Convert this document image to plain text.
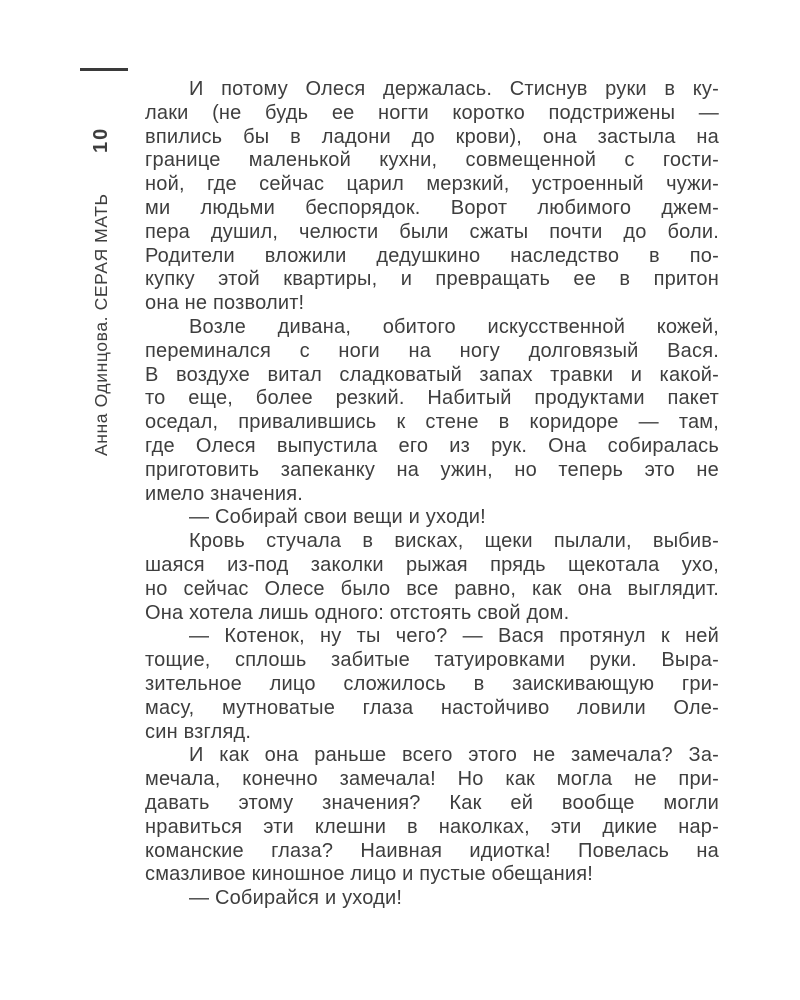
10
Анна Одинцова. СЕРАЯ МАТЬ
И потому Олеся держалась. Стиснув руки в ку-
лаки (не будь ее ногти коротко подстрижены —
впились бы в ладони до крови), она застыла на
границе маленькой кухни, совмещенной с гости-
ной, где сейчас царил мерзкий, устроенный чужи-
ми людьми беспорядок. Ворот любимого джем-
пера душил, челюсти были сжаты почти до боли.
Родители вложили дедушкино наследство в по-
купку этой квартиры, и превращать ее в притон
она не позволит!
Возле дивана, обитого искусственной кожей,
переминался с ноги на ногу долговязый Вася.
В воздухе витал сладковатый запах травки и какой-
то еще, более резкий. Набитый продуктами пакет
оседал, привалившись к стене в коридоре — там,
где Олеся выпустила его из рук. Она собиралась
приготовить запеканку на ужин, но теперь это не
имело значения.
— Собирай свои вещи и уходи!
Кровь стучала в висках, щеки пылали, выбив-
шаяся из-под заколки рыжая прядь щекотала ухо,
но сейчас Олесе было все равно, как она выглядит.
Она хотела лишь одного: отстоять свой дом.
— Котенок, ну ты чего? — Вася протянул к ней
тощие, сплошь забитые татуировками руки. Выра-
зительное лицо сложилось в заискивающую гри-
масу, мутноватые глаза настойчиво ловили Оле-
син взгляд.
И как она раньше всего этого не замечала? За-
мечала, конечно замечала! Но как могла не при-
давать этому значения? Как ей вообще могли
нравиться эти клешни в наколках, эти дикие нар-
команские глаза? Наивная идиотка! Повелась на
смазливое киношное лицо и пустые обещания!
— Собирайся и уходи!
